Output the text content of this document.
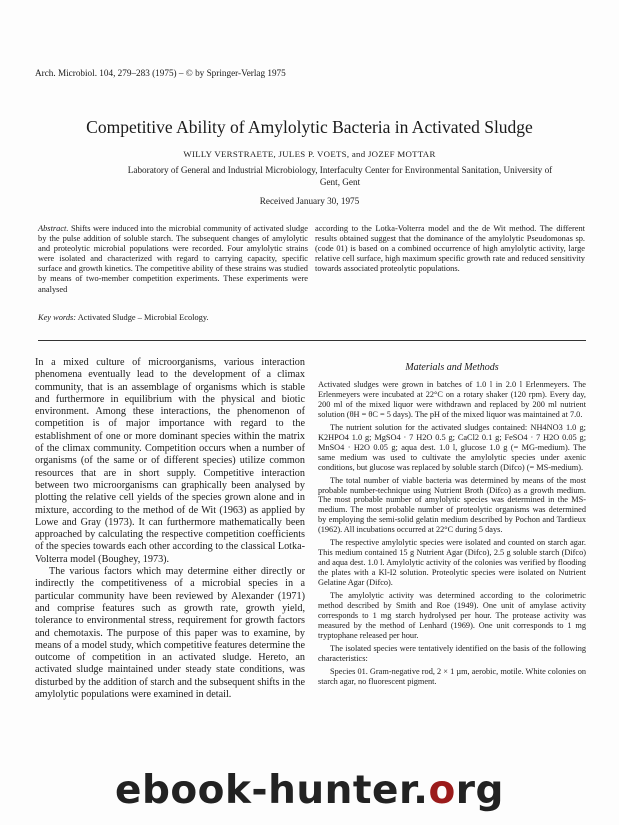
Arch. Microbiol. 104, 279–283 (1975) – © by Springer-Verlag 1975
Competitive Ability of Amylolytic Bacteria in Activated Sludge
WILLY VERSTRAETE, JULES P. VOETS, and JOZEF MOTTAR
Laboratory of General and Industrial Microbiology, Interfaculty Center for Environmental Sanitation, University of Gent, Gent
Received January 30, 1975
Abstract. Shifts were induced into the microbial community of activated sludge by the pulse addition of soluble starch. The subsequent changes of amylolytic and proteolytic microbial populations were recorded. Four amylolytic strains were isolated and characterized with regard to carrying capacity, specific surface and growth kinetics. The competitive ability of these strains was studied by means of two-member competition experiments. These experiments were analysed
according to the Lotka-Volterra model and the de Wit method. The different results obtained suggest that the dominance of the amylolytic Pseudomonas sp. (code 01) is based on a combined occurrence of high amylolytic activity, large relative cell surface, high maximum specific growth rate and reduced sensitivity towards associated proteolytic populations.
Key words: Activated Sludge – Microbial Ecology.

In a mixed culture of microorganisms, various interaction phenomena eventually lead to the development of a climax community, that is an assemblage of organisms which is stable and furthermore in equilibrium with the physical and biotic environment. Among these interactions, the phenomenon of competition is of major importance with regard to the establishment of one or more dominant species within the matrix of the climax community. Competition occurs when a number of organisms (of the same or of different species) utilize common resources that are in short supply. Competitive interaction between two microorganisms can graphically been analysed by plotting the relative cell yields of the species grown alone and in mixture, according to the method of de Wit (1963) as applied by Lowe and Gray (1973). It can furthermore mathematically been approached by calculating the respective competition coefficients of the species towards each other according to the classical Lotka-Volterra model (Boughey, 1973).

The various factors which may determine either directly or indirectly the competitiveness of a microbial species in a particular community have been reviewed by Alexander (1971) and comprise features such as growth rate, growth yield, tolerance to environmental stress, requirement for growth factors and chemotaxis. The purpose of this paper was to examine, by means of a model study, which competitive features determine the outcome of competition in an activated sludge. Hereto, an activated sludge maintained under steady state conditions, was disturbed by the addition of starch and the subsequent shifts in the amylolytic populations were examined in detail.

Materials and Methods

Activated sludges were grown in batches of 1.0 l in 2.0 l Erlenmeyers. The Erlenmeyers were incubated at 22°C on a rotary shaker (120 rpm). Every day, 200 ml of the mixed liquor were withdrawn and replaced by 200 ml nutrient solution (θH = θC = 5 days). The pH of the mixed liquor was maintained at 7.0.

The nutrient solution for the activated sludges contained: NH4NO3 1.0 g; K2HPO4 1.0 g; MgSO4 · 7 H2O 0.5 g; CaCl2 0.1 g; FeSO4 · 7 H2O 0.05 g; MnSO4 · H2O 0.05 g; aqua dest. 1.0 l, glucose 1.0 g (= MG-medium). The same medium was used to cultivate the amylolytic species under axenic conditions, but glucose was replaced by soluble starch (Difco) (= MS-medium).

The total number of viable bacteria was determined by means of the most probable number-technique using Nutrient Broth (Difco) as a growth medium. The most probable number of amylolytic species was determined in the MS-medium. The most probable number of proteolytic organisms was determined by employing the semi-solid gelatin medium described by Pochon and Tardieux (1962). All incubations occurred at 22°C during 5 days.

The respective amylolytic species were isolated and counted on starch agar. This medium contained 15 g Nutrient Agar (Difco), 2.5 g soluble starch (Difco) and aqua dest. 1.0 l. Amylolytic activity of the colonies was verified by flooding the plates with a Kl-I2 solution. Proteolytic species were isolated on Nutrient Gelatine Agar (Difco).

The amylolytic activity was determined according to the colorimetric method described by Smith and Roe (1949). One unit of amylase activity corresponds to 1 mg starch hydrolysed per hour. The protease activity was measured by the method of Lenhard (1969). One unit corresponds to 1 mg tryptophane released per hour.

The isolated species were tentatively identified on the basis of the following characteristics:

Species 01. Gram-negative rod, 2 × 1 µm, aerobic, motile. White colonies on starch agar, no fluorescent pigment.

ebook-hunter.org
